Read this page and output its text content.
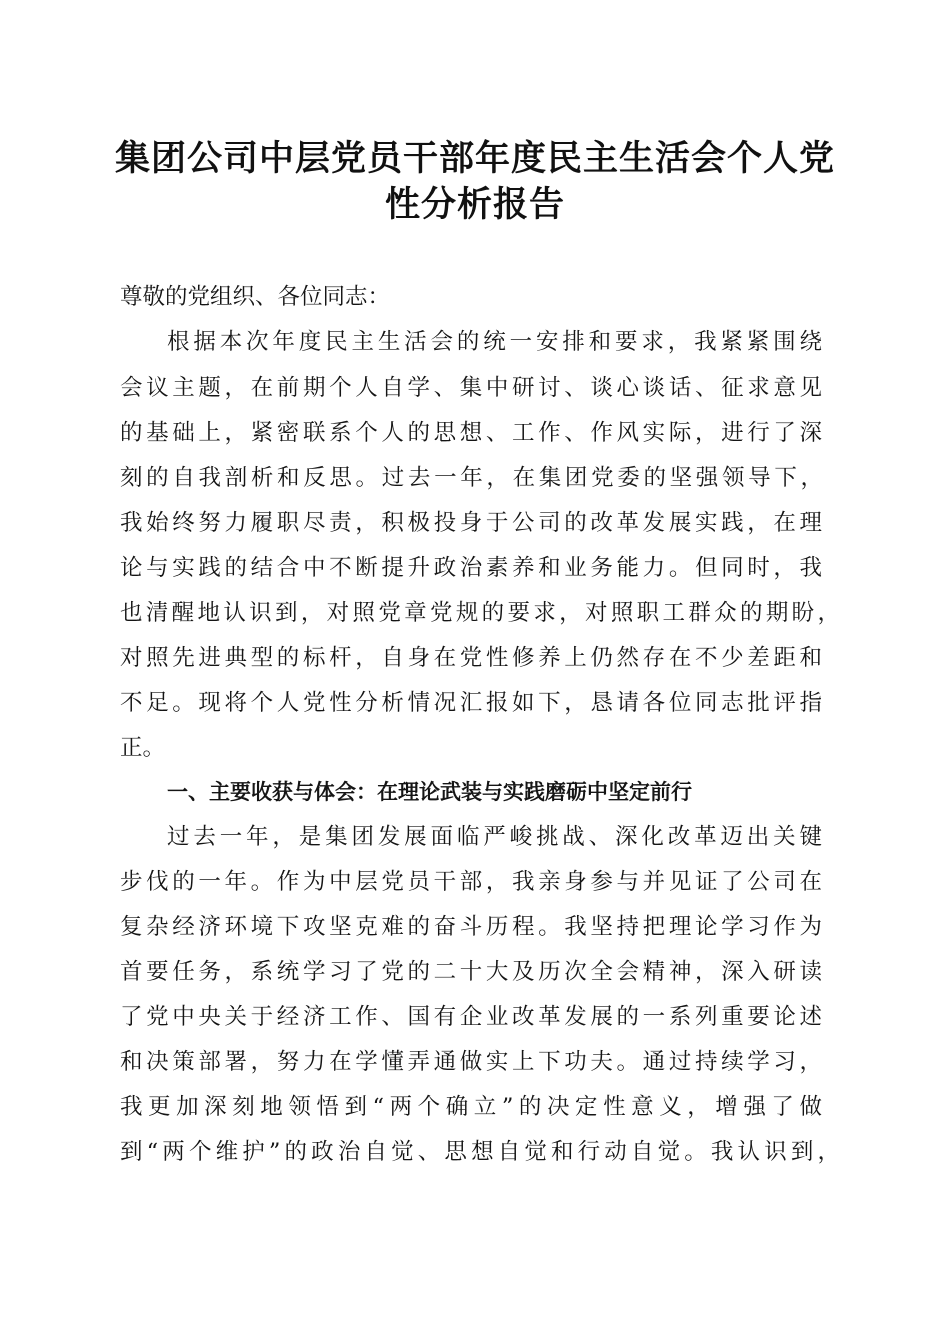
集团公司中层党员干部年度民主生活会个人党
性分析报告
尊敬的党组织、各位同志：
根据本次年度民主生活会的统一安排和要求，我紧紧围绕
会议主题，在前期个人自学、集中研讨、谈心谈话、征求意见
的基础上，紧密联系个人的思想、工作、作风实际，进行了深
刻的自我剖析和反思。过去一年，在集团党委的坚强领导下，
我始终努力履职尽责，积极投身于公司的改革发展实践，在理
论与实践的结合中不断提升政治素养和业务能力。但同时，我
也清醒地认识到，对照党章党规的要求，对照职工群众的期盼，
对照先进典型的标杆，自身在党性修养上仍然存在不少差距和
不足。现将个人党性分析情况汇报如下，恳请各位同志批评指
正。
一、主要收获与体会：在理论武装与实践磨砺中坚定前行
过去一年，是集团发展面临严峻挑战、深化改革迈出关键
步伐的一年。作为中层党员干部，我亲身参与并见证了公司在
复杂经济环境下攻坚克难的奋斗历程。我坚持把理论学习作为
首要任务，系统学习了党的二十大及历次全会精神，深入研读
了党中央关于经济工作、国有企业改革发展的一系列重要论述
和决策部署，努力在学懂弄通做实上下功夫。通过持续学习，
我更加深刻地领悟到“两个确立”的决定性意义，增强了做
到“两个维护”的政治自觉、思想自觉和行动自觉。我认识到，
